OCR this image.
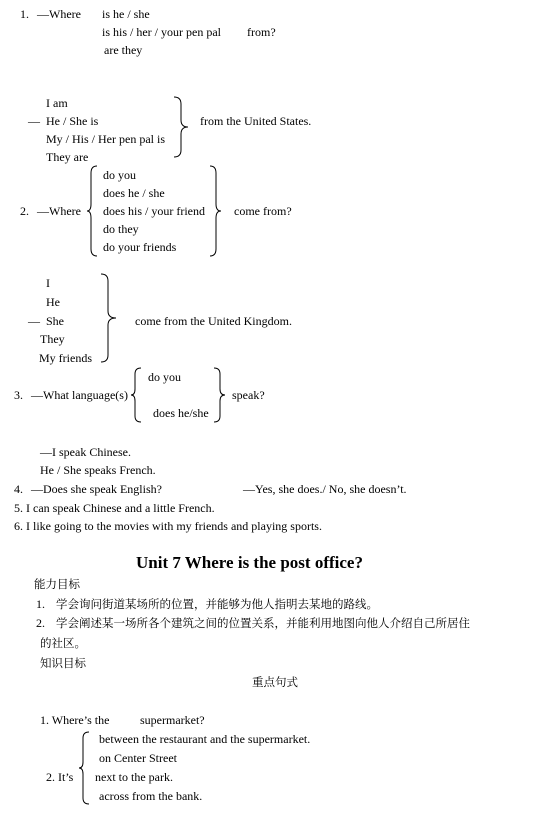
1. —Where is he / she
is his / her / your pen pal
are they
from?
I am
— He / She is
My / His / Her pen pal is
They are
from the United States.
do you
does he / she
2. —Where does his / your friend
do they
do your friends
come from?
I
He
— She
They
My friends
come from the United Kingdom.
do you
3. —What language(s)
does he/she
speak?
—I speak Chinese.
He / She speaks French.
4. —Does she speak English?	—Yes, she does./ No, she doesn’t.
5. I can speak Chinese and a little French.
6. I like going to the movies with my friends and playing sports.
Unit 7 Where is the post office?
能力目标
1. 学会询问街道某场所的位置，并能够为他人指明去某地的路线。
2. 学会阐述某一场所各个建筑之间的位置关系，并能利用地图向他人介绍自己所居住
的社区。
知识目标
重点句式
1. Where’s the	supermarket?
between the restaurant and the supermarket.
on Center Street
2. It’s next to the park.
across from the bank.
